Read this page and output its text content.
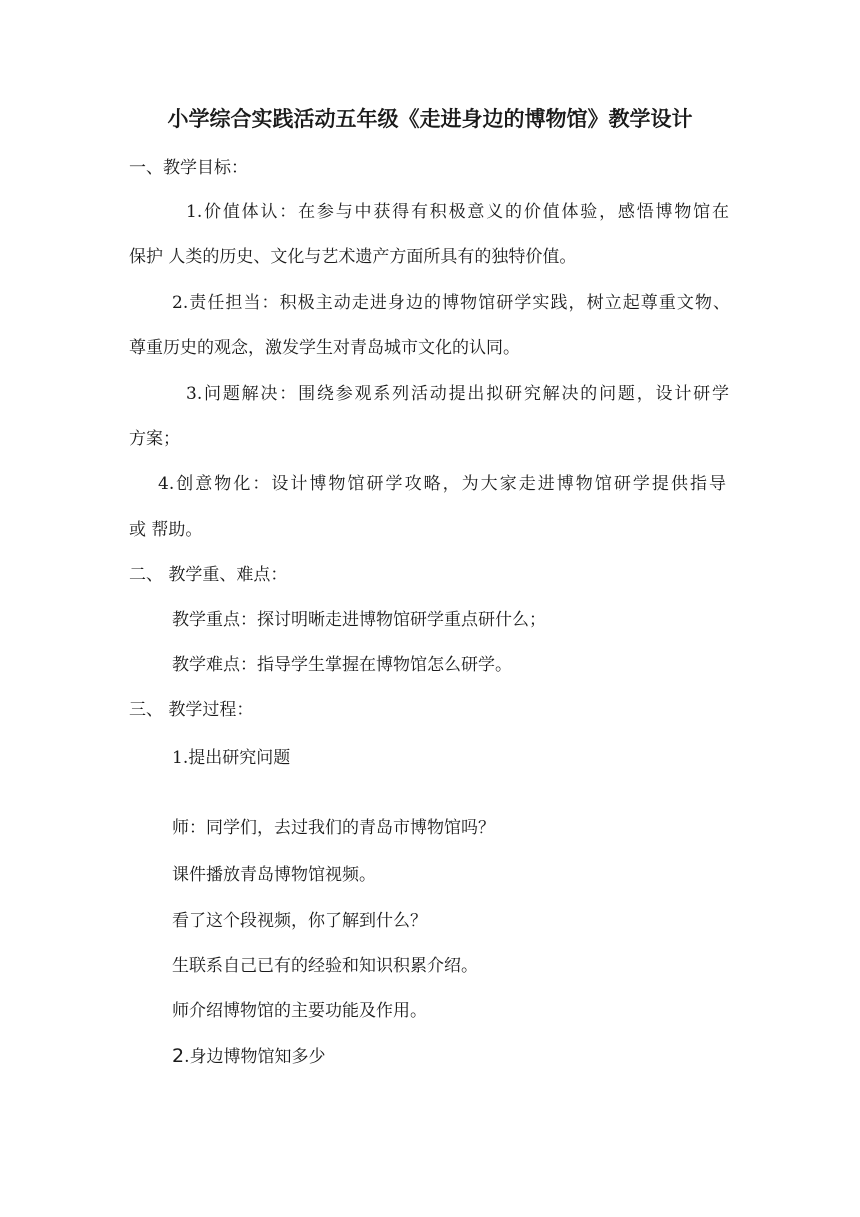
小学综合实践活动五年级《走进身边的博物馆》教学设计
一、教学目标：
1.价值体认：在参与中获得有积极意义的价值体验，感悟博物馆在
保护 人类的历史、文化与艺术遗产方面所具有的独特价值。
2.责任担当：积极主动走进身边的博物馆研学实践，树立起尊重文物、
尊重历史的观念，激发学生对青岛城市文化的认同。
3.问题解决：围绕参观系列活动提出拟研究解决的问题，设计研学
方案；
4.创意物化：设计博物馆研学攻略，为大家走进博物馆研学提供指导
或 帮助。
二、 教学重、难点：
教学重点：探讨明晰走进博物馆研学重点研什么；
教学难点：指导学生掌握在博物馆怎么研学。
三、 教学过程：
1.提出研究问题
师：同学们，去过我们的青岛市博物馆吗？
课件播放青岛博物馆视频。
看了这个段视频，你了解到什么？
生联系自己已有的经验和知识积累介绍。
师介绍博物馆的主要功能及作用。
2.身边博物馆知多少
